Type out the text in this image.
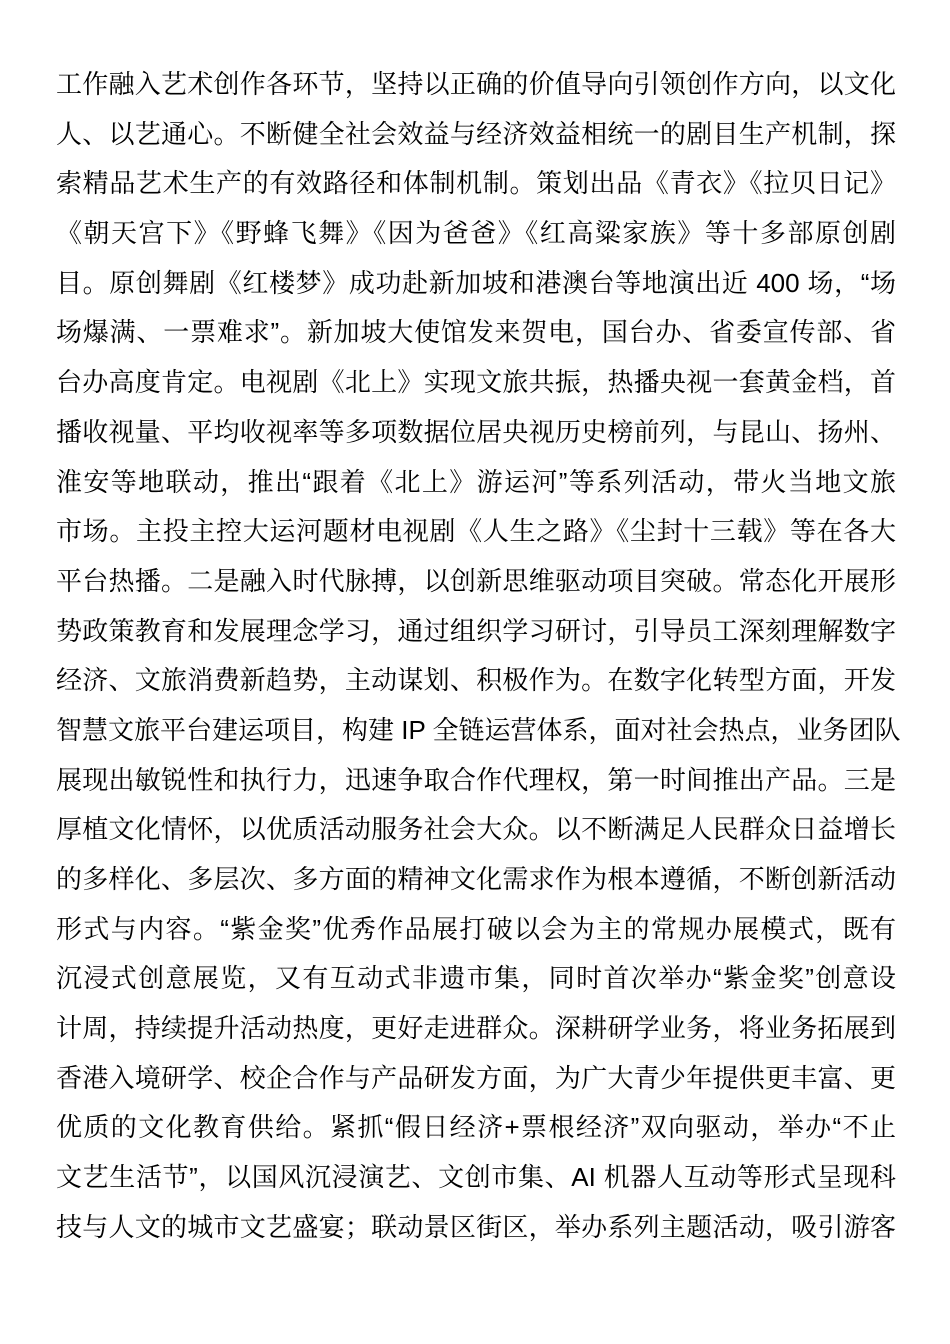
工作融入艺术创作各环节，坚持以正确的价值导向引领创作方向，以文化
人、以艺通心。不断健全社会效益与经济效益相统一的剧目生产机制，探
索精品艺术生产的有效路径和体制机制。策划出品《青衣》《拉贝日记》
《朝天宫下》《野蜂飞舞》《因为爸爸》《红高粱家族》等十多部原创剧
目。原创舞剧《红楼梦》成功赴新加坡和港澳台等地演出近 400 场，“场
场爆满、一票难求”。新加坡大使馆发来贺电，国台办、省委宣传部、省
台办高度肯定。电视剧《北上》实现文旅共振，热播央视一套黄金档，首
播收视量、平均收视率等多项数据位居央视历史榜前列，与昆山、扬州、
淮安等地联动，推出“跟着《北上》游运河”等系列活动，带火当地文旅
市场。主投主控大运河题材电视剧《人生之路》《尘封十三载》等在各大
平台热播。二是融入时代脉搏，以创新思维驱动项目突破。常态化开展形
势政策教育和发展理念学习，通过组织学习研讨，引导员工深刻理解数字
经济、文旅消费新趋势，主动谋划、积极作为。在数字化转型方面，开发
智慧文旅平台建运项目，构建 IP 全链运营体系，面对社会热点，业务团队
展现出敏锐性和执行力，迅速争取合作代理权，第一时间推出产品。三是
厚植文化情怀，以优质活动服务社会大众。以不断满足人民群众日益增长
的多样化、多层次、多方面的精神文化需求作为根本遵循，不断创新活动
形式与内容。“紫金奖”优秀作品展打破以会为主的常规办展模式，既有
沉浸式创意展览，又有互动式非遗市集，同时首次举办“紫金奖”创意设
计周，持续提升活动热度，更好走进群众。深耕研学业务，将业务拓展到
香港入境研学、校企合作与产品研发方面，为广大青少年提供更丰富、更
优质的文化教育供给。紧抓“假日经济+票根经济”双向驱动，举办“不止
文艺生活节”，以国风沉浸演艺、文创市集、AI 机器人互动等形式呈现科
技与人文的城市文艺盛宴；联动景区街区，举办系列主题活动，吸引游客
